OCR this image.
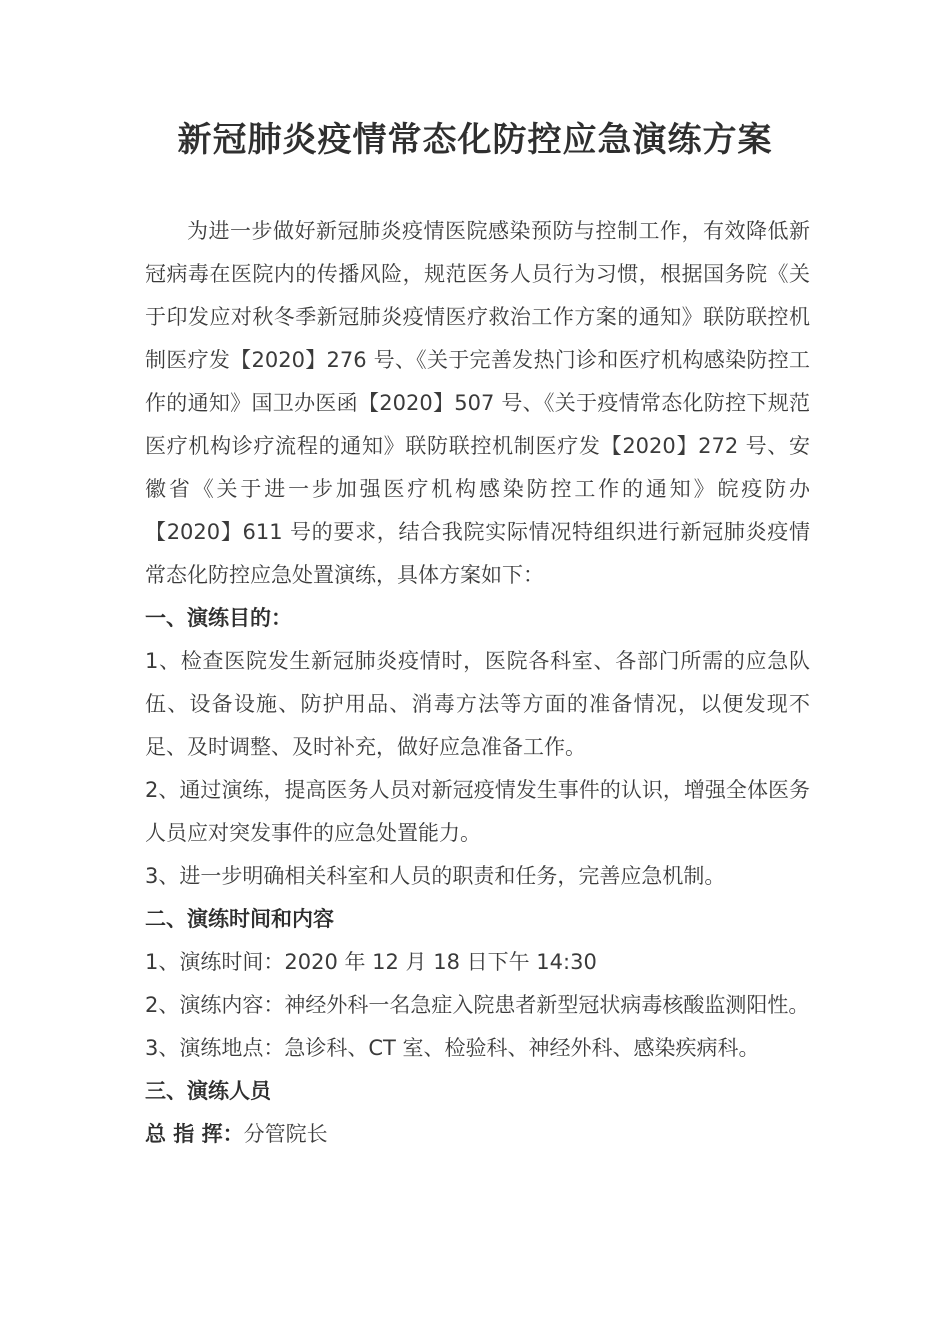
新冠肺炎疫情常态化防控应急演练方案

为进一步做好新冠肺炎疫情医院感染预防与控制工作，有效降低新冠病毒在医院内的传播风险，规范医务人员行为习惯，根据国务院《关于印发应对秋冬季新冠肺炎疫情医疗救治工作方案的通知》联防联控机制医疗发【2020】276 号、《关于完善发热门诊和医疗机构感染防控工作的通知》国卫办医函【2020】507 号、《关于疫情常态化防控下规范医疗机构诊疗流程的通知》联防联控机制医疗发【2020】272 号、安徽省《关于进一步加强医疗机构感染防控工作的通知》皖疫防办【2020】611 号的要求，结合我院实际情况特组织进行新冠肺炎疫情常态化防控应急处置演练，具体方案如下：

一、演练目的：

1、检查医院发生新冠肺炎疫情时，医院各科室、各部门所需的应急队伍、设备设施、防护用品、消毒方法等方面的准备情况，以便发现不足、及时调整、及时补充，做好应急准备工作。

2、通过演练，提高医务人员对新冠疫情发生事件的认识，增强全体医务人员应对突发事件的应急处置能力。

3、进一步明确相关科室和人员的职责和任务，完善应急机制。

二、演练时间和内容

1、演练时间：2020 年 12 月 18 日下午 14:30

2、演练内容：神经外科一名急症入院患者新型冠状病毒核酸监测阳性。

3、演练地点：急诊科、CT 室、检验科、神经外科、感染疾病科。

三、演练人员

总 指 挥：分管院长
